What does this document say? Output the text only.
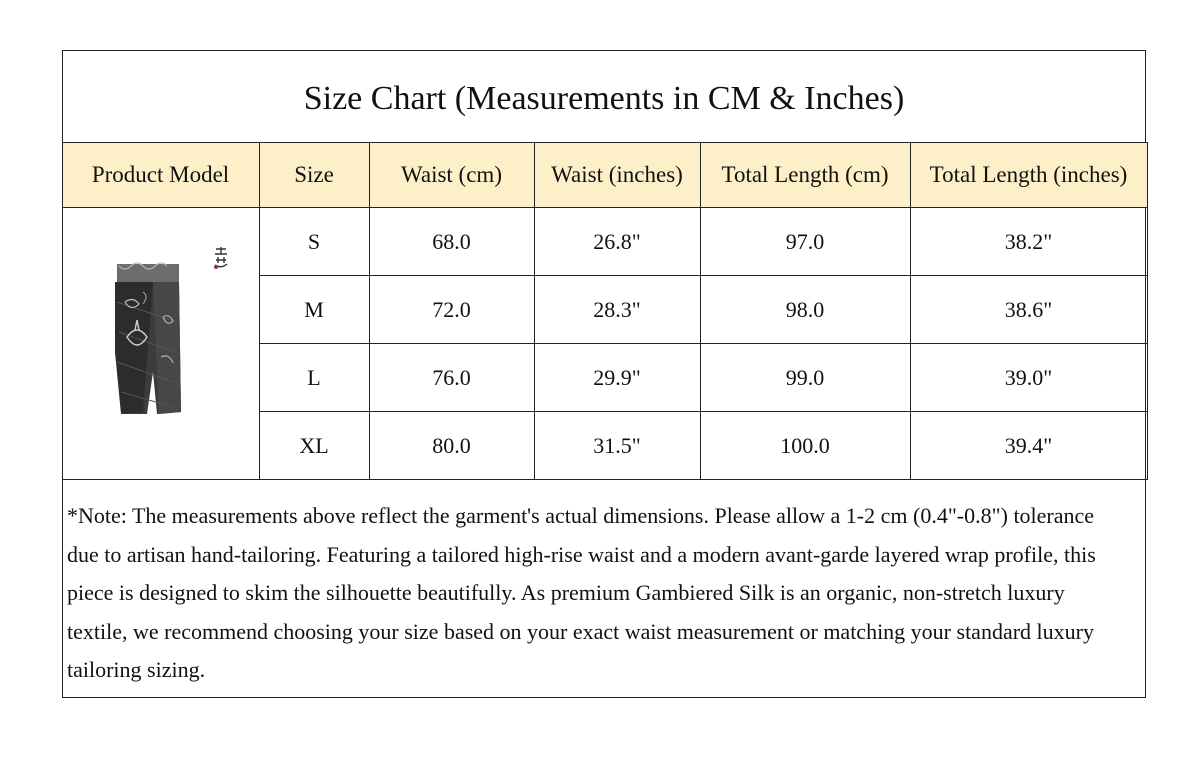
Size Chart (Measurements in CM & Inches)
Product Model	Size	Waist (cm)	Waist (inches)	Total Length (cm)	Total Length (inches)

	S	68.0	26.8"	97.0	38.2"
	M	72.0	28.3"	98.0	38.6"
	L	76.0	29.9"	99.0	39.0"
	XL	80.0	31.5"	100.0	39.4"
*Note: The measurements above reflect the garment's actual dimensions. Please allow a 1-2 cm (0.4"-0.8") tolerance due to artisan hand-tailoring. Featuring a tailored high-rise waist and a modern avant-garde layered wrap profile, this piece is designed to skim the silhouette beautifully. As premium Gambiered Silk is an organic, non-stretch luxury textile, we recommend choosing your size based on your exact waist measurement or matching your standard luxury tailoring sizing.
